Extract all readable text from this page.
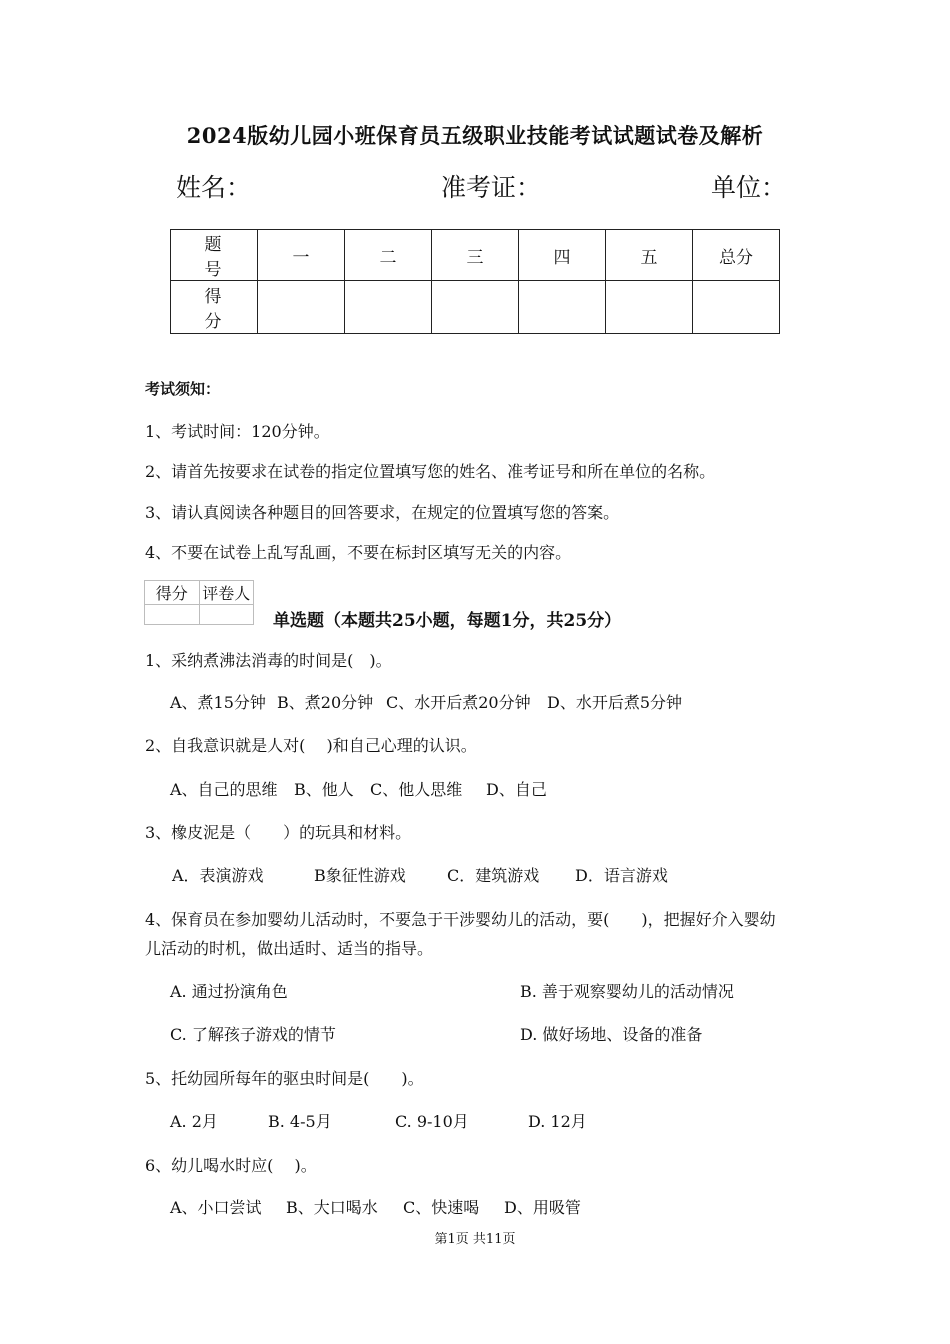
2024版幼儿园小班保育员五级职业技能考试试题试卷及解析
姓名：	准考证：	单位：
题　号	一	二	三	四	五	总分
得　分						
考试须知：
1、考试时间：120分钟。
2、请首先按要求在试卷的指定位置填写您的姓名、准考证号和所在单位的名称。
3、请认真阅读各种题目的回答要求，在规定的位置填写您的答案。
4、不要在试卷上乱写乱画，不要在标封区填写无关的内容。
得分	评卷人

单选题（本题共25小题，每题1分，共25分）
1、采纳煮沸法消毒的时间是(　)。
A、煮15分钟 B、煮20分钟 C、水开后煮20分钟 D、水开后煮5分钟
2、自我意识就是人对(　 )和自己心理的认识。
A、自己的思维 B、他人 C、他人思维 D、自己
3、橡皮泥是（　　）的玩具和材料。
A．表演游戏	B象征性游戏	C．建筑游戏 D．语言游戏
4、保育员在参加婴幼儿活动时，不要急于干涉婴幼儿的活动，要(　　)，把握好介入婴幼
儿活动的时机，做出适时、适当的指导。
A. 通过扮演角色	B. 善于观察婴幼儿的活动情况
C. 了解孩子游戏的情节	D. 做好场地、设备的准备
5、托幼园所每年的驱虫时间是(　　)。
A. 2月	B. 4-5月	C. 9-10月	D. 12月
6、幼儿喝水时应(　 )。
A、小口尝试 B、大口喝水 C、快速喝 D、用吸管
第1页 共11页
